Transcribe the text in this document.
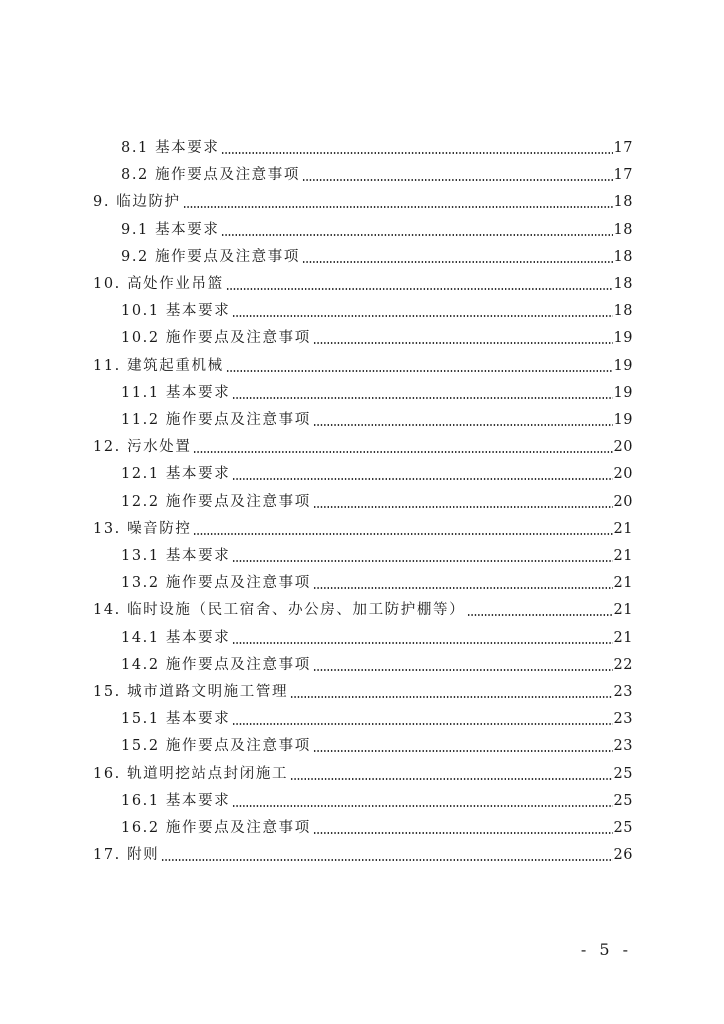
8.1 基本要求	17
8.2 施作要点及注意事项	17
9. 临边防护	18
9.1 基本要求	18
9.2 施作要点及注意事项	18
10. 高处作业吊篮	18
10.1 基本要求	18
10.2 施作要点及注意事项	19
11. 建筑起重机械	19
11.1 基本要求	19
11.2 施作要点及注意事项	19
12. 污水处置	20
12.1 基本要求	20
12.2 施作要点及注意事项	20
13. 噪音防控	21
13.1 基本要求	21
13.2 施作要点及注意事项	21
14. 临时设施（民工宿舍、办公房、加工防护棚等）	21
14.1 基本要求	21
14.2 施作要点及注意事项	22
15. 城市道路文明施工管理	23
15.1 基本要求	23
15.2 施作要点及注意事项	23
16. 轨道明挖站点封闭施工	25
16.1 基本要求	25
16.2 施作要点及注意事项	25
17. 附则	26
- 5 -
